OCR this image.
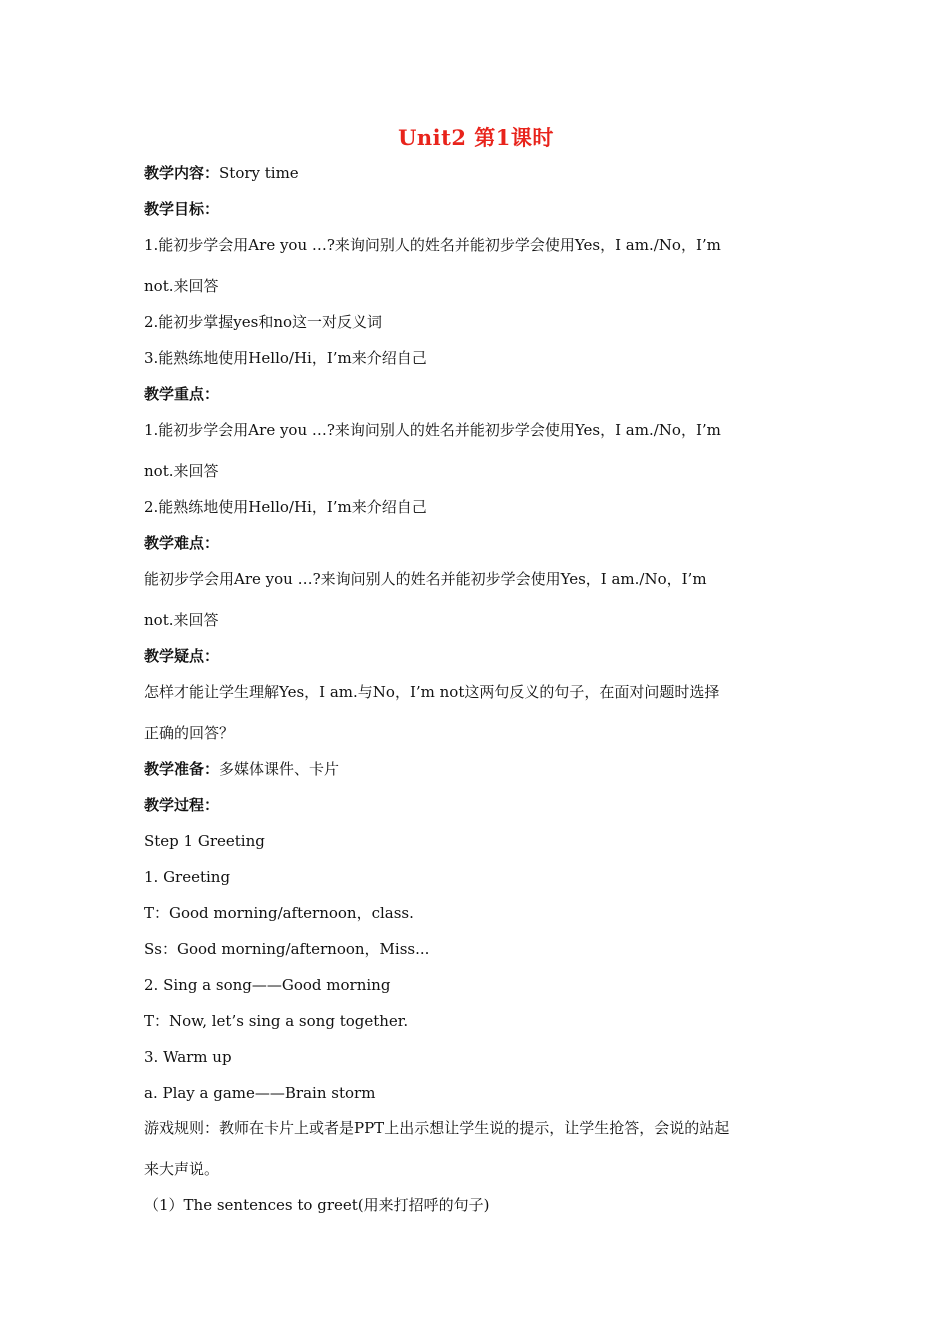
Unit2 第1课时
教学内容：Story time
教学目标：
1.能初步学会用Are you …?来询问别人的姓名并能初步学会使用Yes，I am./No，I’m
not.来回答
2.能初步掌握yes和no这一对反义词
3.能熟练地使用Hello/Hi，I’m来介绍自己
教学重点：
1.能初步学会用Are you …?来询问别人的姓名并能初步学会使用Yes，I am./No，I’m
not.来回答
2.能熟练地使用Hello/Hi，I’m来介绍自己
教学难点：
能初步学会用Are you …?来询问别人的姓名并能初步学会使用Yes，I am./No，I’m
not.来回答
教学疑点：
怎样才能让学生理解Yes，I am.与No，I’m not这两句反义的句子，在面对问题时选择
正确的回答？
教学准备：多媒体课件、卡片
教学过程：
Step 1 Greeting
1. Greeting
T：Good morning/afternoon，class.
Ss：Good morning/afternoon，Miss...
2. Sing a song——Good morning
T：Now, let’s sing a song together.
3. Warm up
a. Play a game——Brain storm
游戏规则：教师在卡片上或者是PPT上出示想让学生说的提示，让学生抢答，会说的站起
来大声说。
（1）The sentences to greet(用来打招呼的句子)
